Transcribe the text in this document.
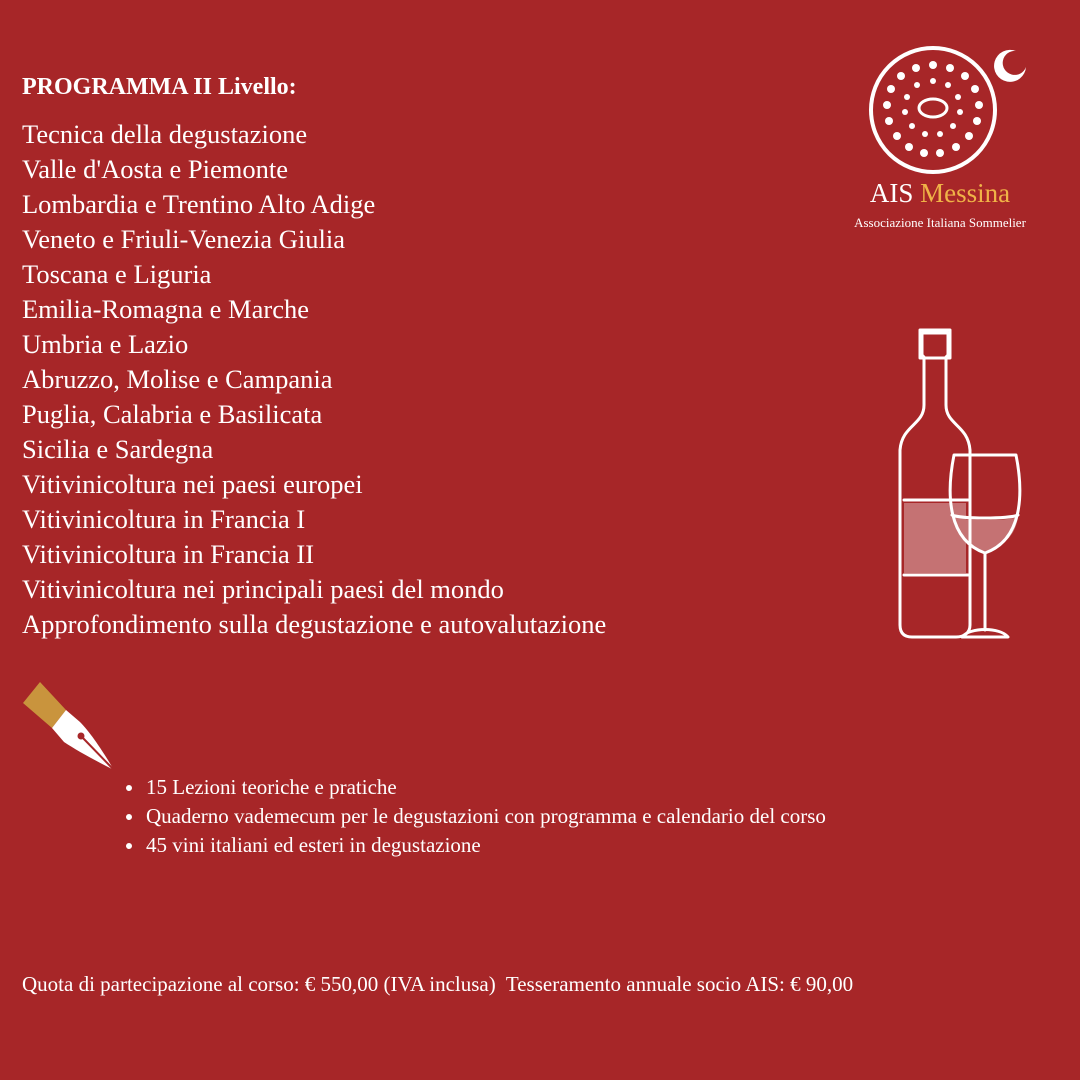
PROGRAMMA II Livello:
Tecnica della degustazione
Valle d'Aosta e Piemonte
Lombardia e Trentino Alto Adige
Veneto e Friuli-Venezia Giulia
Toscana e Liguria
Emilia-Romagna e Marche
Umbria e Lazio
Abruzzo, Molise e Campania
Puglia, Calabria e Basilicata
Sicilia e Sardegna
Vitivinicoltura nei paesi europei
Vitivinicoltura in Francia I
Vitivinicoltura in Francia II
Vitivinicoltura nei principali paesi del mondo
Approfondimento sulla degustazione e autovalutazione
AIS Messina
Associazione Italiana Sommelier
15 Lezioni teoriche e pratiche
Quaderno vademecum per le degustazioni con programma e calendario del corso
45 vini italiani ed esteri in degustazione

Quota di partecipazione al corso: € 550,00 (IVA inclusa)  Tesseramento annuale socio AIS: € 90,00
